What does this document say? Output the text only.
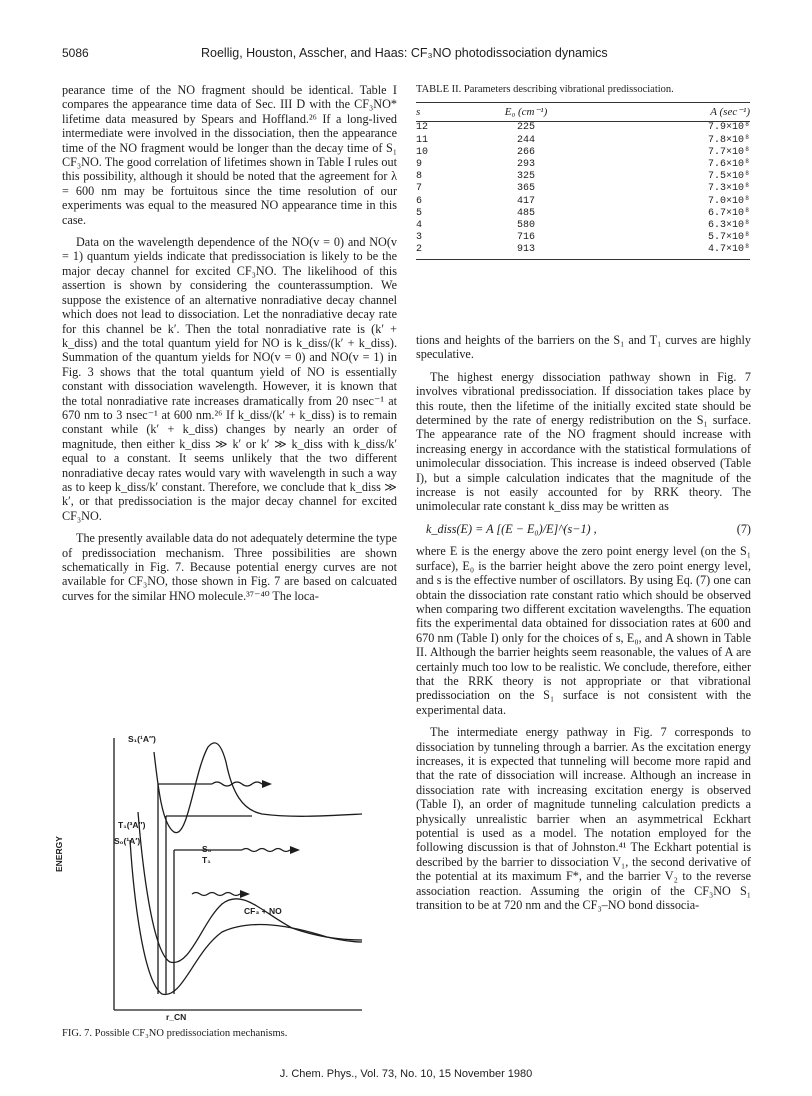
5086	Roellig, Houston, Asscher, and Haas: CF₃NO photodissociation dynamics

pearance time of the NO fragment should be identical. Table I compares the appearance time data of Sec. III D with the CF₃NO* lifetime data measured by Spears and Hoffland.²⁶ If a long-lived intermediate were involved in the dissociation, then the appearance time of the NO fragment would be longer than the decay time of S₁ CF₃NO. The good correlation of lifetimes shown in Table I rules out this possibility, although it should be noted that the agreement for λ = 600 nm may be fortuitous since the time resolution of our experiments was equal to the measured NO appearance time in this case.

Data on the wavelength dependence of the NO(v = 0) and NO(v = 1) quantum yields indicate that predissociation is likely to be the major decay channel for excited CF₃NO. The likelihood of this assertion is shown by considering the counterassumption. We suppose the existence of an alternative nonradiative decay channel which does not lead to dissociation. Let the nonradiative decay rate for this channel be k′. Then the total nonradiative rate is (k′ + k_diss) and the total quantum yield for NO is k_diss/(k′ + k_diss). Summation of the quantum yields for NO(v = 0) and NO(v = 1) in Fig. 3 shows that the total quantum yield of NO is essentially constant with dissociation wavelength. However, it is known that the total nonradiative rate increases dramatically from 20 nsec⁻¹ at 670 nm to 3 nsec⁻¹ at 600 nm.²⁶ If k_diss/(k′ + k_diss) is to remain constant while (k′ + k_diss) changes by nearly an order of magnitude, then either k_diss ≫ k′ or k′ ≫ k_diss with k_diss/k′ equal to a constant. It seems unlikely that the two different nonradiative decay rates would vary with wavelength in such a way as to keep k_diss/k′ constant. Therefore, we conclude that k_diss ≫ k′, or that predissociation is the major decay channel for excited CF₃NO.

The presently available data do not adequately determine the type of predissociation mechanism. Three possibilities are shown schematically in Fig. 7. Because potential energy curves are not available for CF₃NO, those shown in Fig. 7 are based on calcuated curves for the similar HNO molecule.³⁷⁻⁴⁰ The loca-

TABLE II. Parameters describing vibrational predissociation.
s	E₀ (cm⁻¹)	A (sec⁻¹)
12	225	7.9×10⁸
11	244	7.8×10⁸
10	266	7.7×10⁸
9	293	7.6×10⁸
8	325	7.5×10⁸
7	365	7.3×10⁸
6	417	7.0×10⁸
5	485	6.7×10⁸
4	580	6.3×10⁸
3	716	5.7×10⁸
2	913	4.7×10⁸

tions and heights of the barriers on the S₁ and T₁ curves are highly speculative.

The highest energy dissociation pathway shown in Fig. 7 involves vibrational predissociation. If dissociation takes place by this route, then the lifetime of the initially excited state should be determined by the rate of energy redistribution on the S₁ surface. The appearance rate of the NO fragment should increase with increasing energy in accordance with the statistical formulations of unimolecular dissociation. This increase is indeed observed (Table I), but a simple calculation indicates that the magnitude of the increase is not easily accounted for by RRK theory. The unimolecular rate constant k_diss may be written as

k_diss(E) = A [(E − E₀)/E]^(s−1) ,	(7)

where E is the energy above the zero point energy level (on the S₁ surface), E₀ is the barrier height above the zero point energy level, and s is the effective number of oscillators. By using Eq. (7) one can obtain the dissociation rate constant ratio which should be observed when comparing two different excitation wavelengths. The equation fits the experimental data obtained for dissociation rates at 600 and 670 nm (Table I) only for the choices of s, E₀, and A shown in Table II. Although the barrier heights seem reasonable, the values of A are certainly much too low to be realistic. We conclude, therefore, either that the RRK theory is not appropriate or that vibrational predissociation on the S₁ surface is not consistent with the experimental data.

The intermediate energy pathway in Fig. 7 corresponds to dissociation by tunneling through a barrier. As the excitation energy increases, it is expected that tunneling will become more rapid and that the rate of dissociation will increase. Although an increase in dissociation rate with increasing excitation energy is observed (Table I), an order of magnitude tunneling calculation predicts a physically unrealistic barrier when an asymmetrical Eckhart potential is used as a model. The notation employed for the following discussion is that of Johnston.⁴¹ The Eckhart potential is described by the barrier to dissociation V₁, the second derivative of the potential at its maximum F*, and the barrier V₂ to the reverse association reaction. Assuming the origin of the CF₃NO S₁ transition to be at 720 nm and the CF₃–NO bond dissocia-

S₁(¹A″)
T₁(³A″)
S₀(¹A′)
S₀
T₁
CF₃ + NO
ENERGY
r_CN
FIG. 7. Possible CF₃NO predissociation mechanisms.
J. Chem. Phys., Vol. 73, No. 10, 15 November 1980
